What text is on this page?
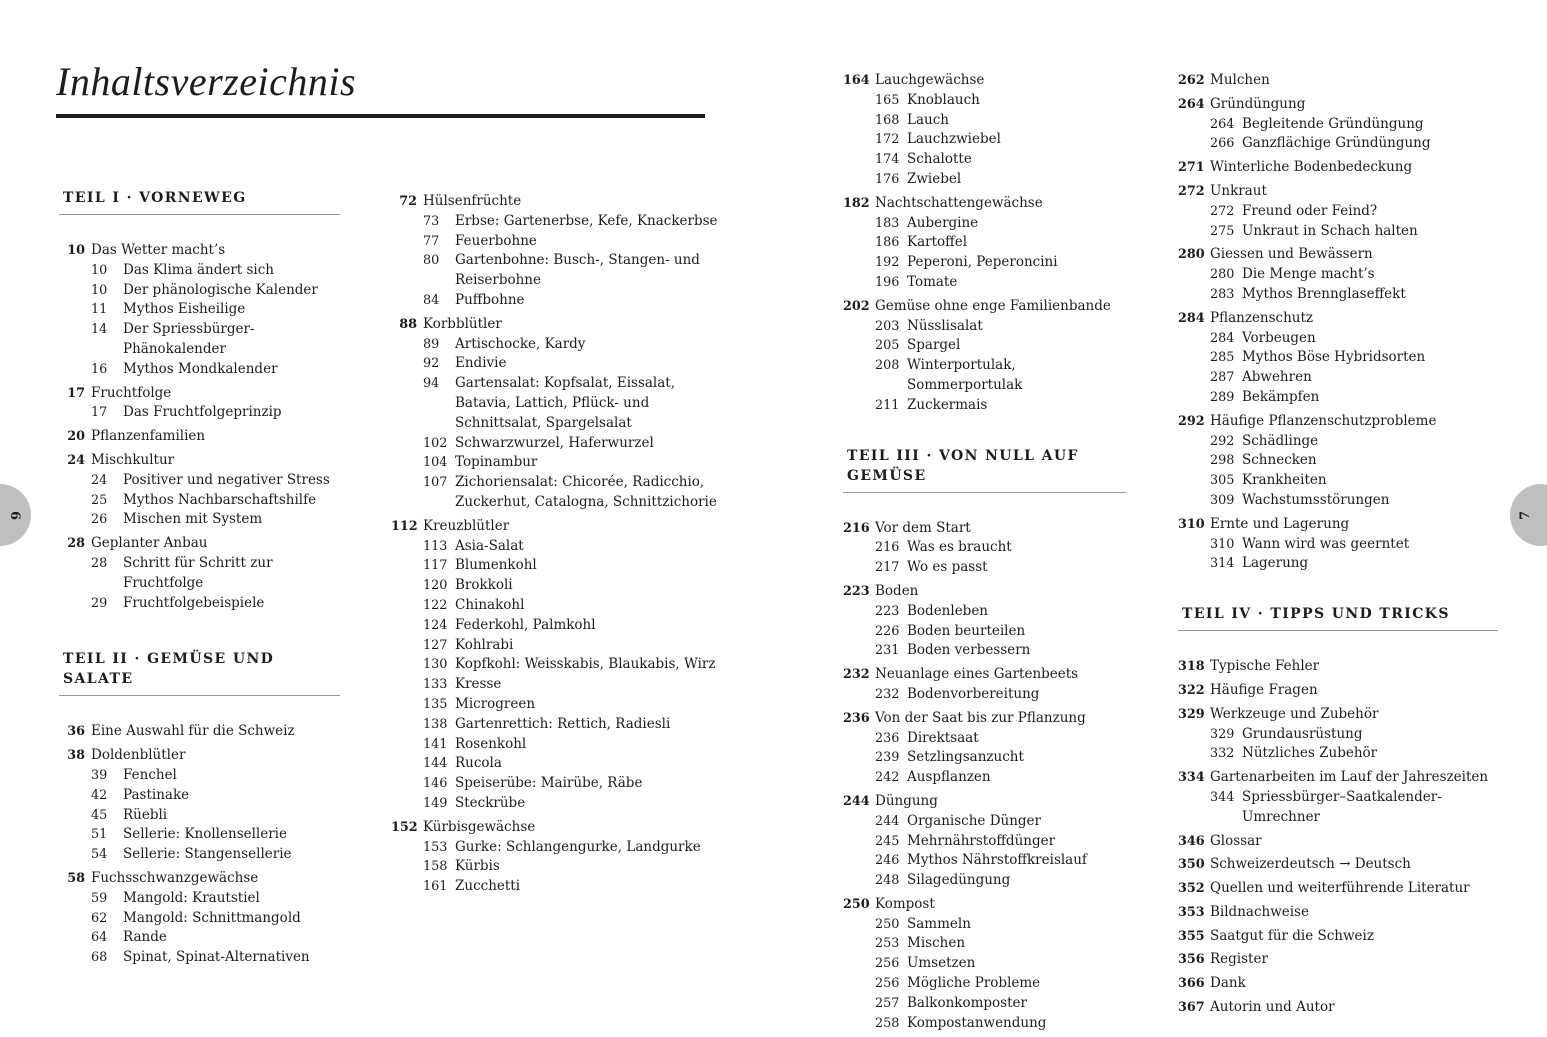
Inhaltsverzeichnis
6	7
TEIL I · VORNEWEG
10 Das Wetter macht’s
10 Das Klima ändert sich
10 Der phänologische Kalender
11 Mythos Eisheilige
14 Der Spriessbürger-Phänokalender
16 Mythos Mondkalender
17 Fruchtfolge
17 Das Fruchtfolgeprinzip
20 Pflanzenfamilien
24 Mischkultur
24 Positiver und negativer Stress
25 Mythos Nachbarschaftshilfe
26 Mischen mit System
28 Geplanter Anbau
28 Schritt für Schritt zur Fruchtfolge
29 Fruchtfolgebeispiele
TEIL II · GEMÜSE UND SALATE
36 Eine Auswahl für die Schweiz
38 Doldenblütler
39 Fenchel
42 Pastinake
45 Rüebli
51 Sellerie: Knollensellerie
54 Sellerie: Stangensellerie
58 Fuchsschwanzgewächse
59 Mangold: Krautstiel
62 Mangold: Schnittmangold
64 Rande
68 Spinat, Spinat-Alternativen
72 Hülsenfrüchte
73 Erbse: Gartenerbse, Kefe, Knackerbse
77 Feuerbohne
80 Gartenbohne: Busch-, Stangen- und Reiserbohne
84 Puffbohne
88 Korbblütler
89 Artischocke, Kardy
92 Endivie
94 Gartensalat: Kopfsalat, Eissalat, Batavia, Lattich, Pflück- und Schnittsalat, Spargelsalat
102 Schwarzwurzel, Haferwurzel
104 Topinambur
107 Zichoriensalat: Chicorée, Radicchio, Zuckerhut, Catalogna, Schnittzichorie
112 Kreuzblütler
113 Asia-Salat
117 Blumenkohl
120 Brokkoli
122 Chinakohl
124 Federkohl, Palmkohl
127 Kohlrabi
130 Kopfkohl: Weisskabis, Blaukabis, Wirz
133 Kresse
135 Microgreen
138 Gartenrettich: Rettich, Radiesli
141 Rosenkohl
144 Rucola
146 Speiserübe: Mairübe, Räbe
149 Steckrübe
152 Kürbisgewächse
153 Gurke: Schlangengurke, Landgurke
158 Kürbis
161 Zucchetti
164 Lauchgewächse
165 Knoblauch
168 Lauch
172 Lauchzwiebel
174 Schalotte
176 Zwiebel
182 Nachtschattengewächse
183 Aubergine
186 Kartoffel
192 Peperoni, Peperoncini
196 Tomate
202 Gemüse ohne enge Familienbande
203 Nüsslisalat
205 Spargel
208 Winterportulak, Sommerportulak
211 Zuckermais
TEIL III · VON NULL AUF GEMÜSE
216 Vor dem Start
216 Was es braucht
217 Wo es passt
223 Boden
223 Bodenleben
226 Boden beurteilen
231 Boden verbessern
232 Neuanlage eines Gartenbeets
232 Bodenvorbereitung
236 Von der Saat bis zur Pflanzung
236 Direktsaat
239 Setzlingsanzucht
242 Auspflanzen
244 Düngung
244 Organische Dünger
245 Mehrnährstoffdünger
246 Mythos Nährstoffkreislauf
248 Silagedüngung
250 Kompost
250 Sammeln
253 Mischen
256 Umsetzen
256 Mögliche Probleme
257 Balkonkomposter
258 Kompostanwendung
262 Mulchen
264 Gründüngung
264 Begleitende Gründüngung
266 Ganzflächige Gründüngung
271 Winterliche Bodenbedeckung
272 Unkraut
272 Freund oder Feind?
275 Unkraut in Schach halten
280 Giessen und Bewässern
280 Die Menge macht’s
283 Mythos Brennglaseffekt
284 Pflanzenschutz
284 Vorbeugen
285 Mythos Böse Hybridsorten
287 Abwehren
289 Bekämpfen
292 Häufige Pflanzenschutzprobleme
292 Schädlinge
298 Schnecken
305 Krankheiten
309 Wachstumsstörungen
310 Ernte und Lagerung
310 Wann wird was geerntet
314 Lagerung
TEIL IV · TIPPS UND TRICKS
318 Typische Fehler
322 Häufige Fragen
329 Werkzeuge und Zubehör
329 Grundausrüstung
332 Nützliches Zubehör
334 Gartenarbeiten im Lauf der Jahreszeiten
344 Spriessbürger–Saatkalender-Umrechner
346 Glossar
350 Schweizerdeutsch → Deutsch
352 Quellen und weiterführende Literatur
353 Bildnachweise
355 Saatgut für die Schweiz
356 Register
366 Dank
367 Autorin und Autor
